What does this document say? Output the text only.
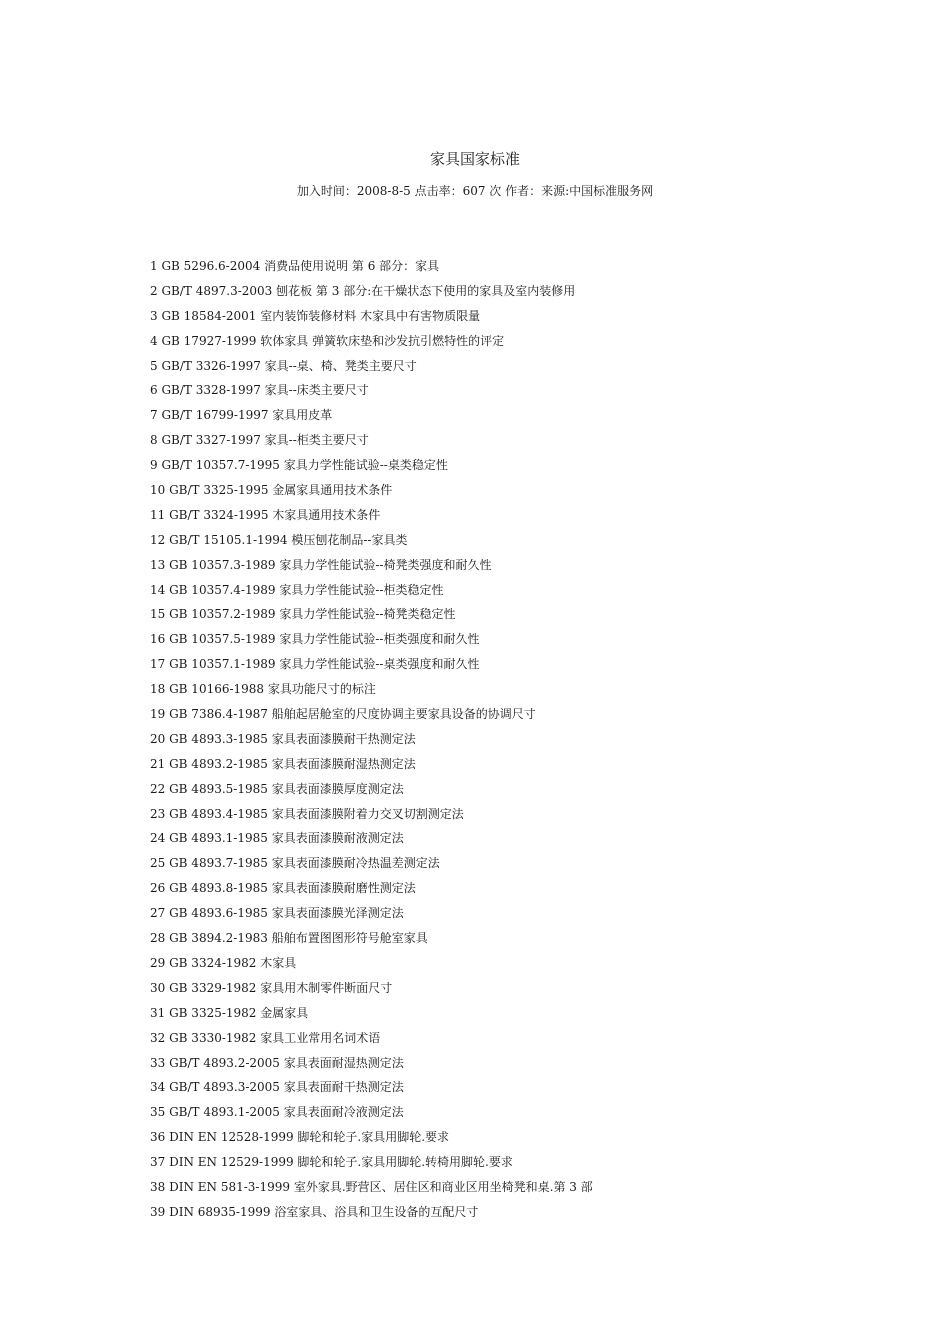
家具国家标准
加入时间：2008-8-5 点击率：607 次 作者：来源:中国标准服务网
1 GB 5296.6-2004 消费品使用说明 第 6 部分：家具
2 GB/T 4897.3-2003 刨花板 第 3 部分:在干燥状态下使用的家具及室内装修用
3 GB 18584-2001 室内装饰装修材料 木家具中有害物质限量
4 GB 17927-1999 软体家具 弹簧软床垫和沙发抗引燃特性的评定
5 GB/T 3326-1997 家具--桌、椅、凳类主要尺寸
6 GB/T 3328-1997 家具--床类主要尺寸
7 GB/T 16799-1997 家具用皮革
8 GB/T 3327-1997 家具--柜类主要尺寸
9 GB/T 10357.7-1995 家具力学性能试验--桌类稳定性
10 GB/T 3325-1995 金属家具通用技术条件
11 GB/T 3324-1995 木家具通用技术条件
12 GB/T 15105.1-1994 模压刨花制品--家具类
13 GB 10357.3-1989 家具力学性能试验--椅凳类强度和耐久性
14 GB 10357.4-1989 家具力学性能试验--柜类稳定性
15 GB 10357.2-1989 家具力学性能试验--椅凳类稳定性
16 GB 10357.5-1989 家具力学性能试验--柜类强度和耐久性
17 GB 10357.1-1989 家具力学性能试验--桌类强度和耐久性
18 GB 10166-1988 家具功能尺寸的标注
19 GB 7386.4-1987 船舶起居舱室的尺度协调主要家具设备的协调尺寸
20 GB 4893.3-1985 家具表面漆膜耐干热测定法
21 GB 4893.2-1985 家具表面漆膜耐湿热测定法
22 GB 4893.5-1985 家具表面漆膜厚度测定法
23 GB 4893.4-1985 家具表面漆膜附着力交叉切割测定法
24 GB 4893.1-1985 家具表面漆膜耐液测定法
25 GB 4893.7-1985 家具表面漆膜耐冷热温差测定法
26 GB 4893.8-1985 家具表面漆膜耐磨性测定法
27 GB 4893.6-1985 家具表面漆膜光泽测定法
28 GB 3894.2-1983 船舶布置图图形符号舱室家具
29 GB 3324-1982 木家具
30 GB 3329-1982 家具用木制零件断面尺寸
31 GB 3325-1982 金属家具
32 GB 3330-1982 家具工业常用名词术语
33 GB/T 4893.2-2005 家具表面耐湿热测定法
34 GB/T 4893.3-2005 家具表面耐干热测定法
35 GB/T 4893.1-2005 家具表面耐冷液测定法
36 DIN EN 12528-1999 脚轮和轮子.家具用脚轮.要求
37 DIN EN 12529-1999 脚轮和轮子.家具用脚轮.转椅用脚轮.要求
38 DIN EN 581-3-1999 室外家具.野营区、居住区和商业区用坐椅凳和桌.第 3 部
39 DIN 68935-1999 浴室家具、浴具和卫生设备的互配尺寸
